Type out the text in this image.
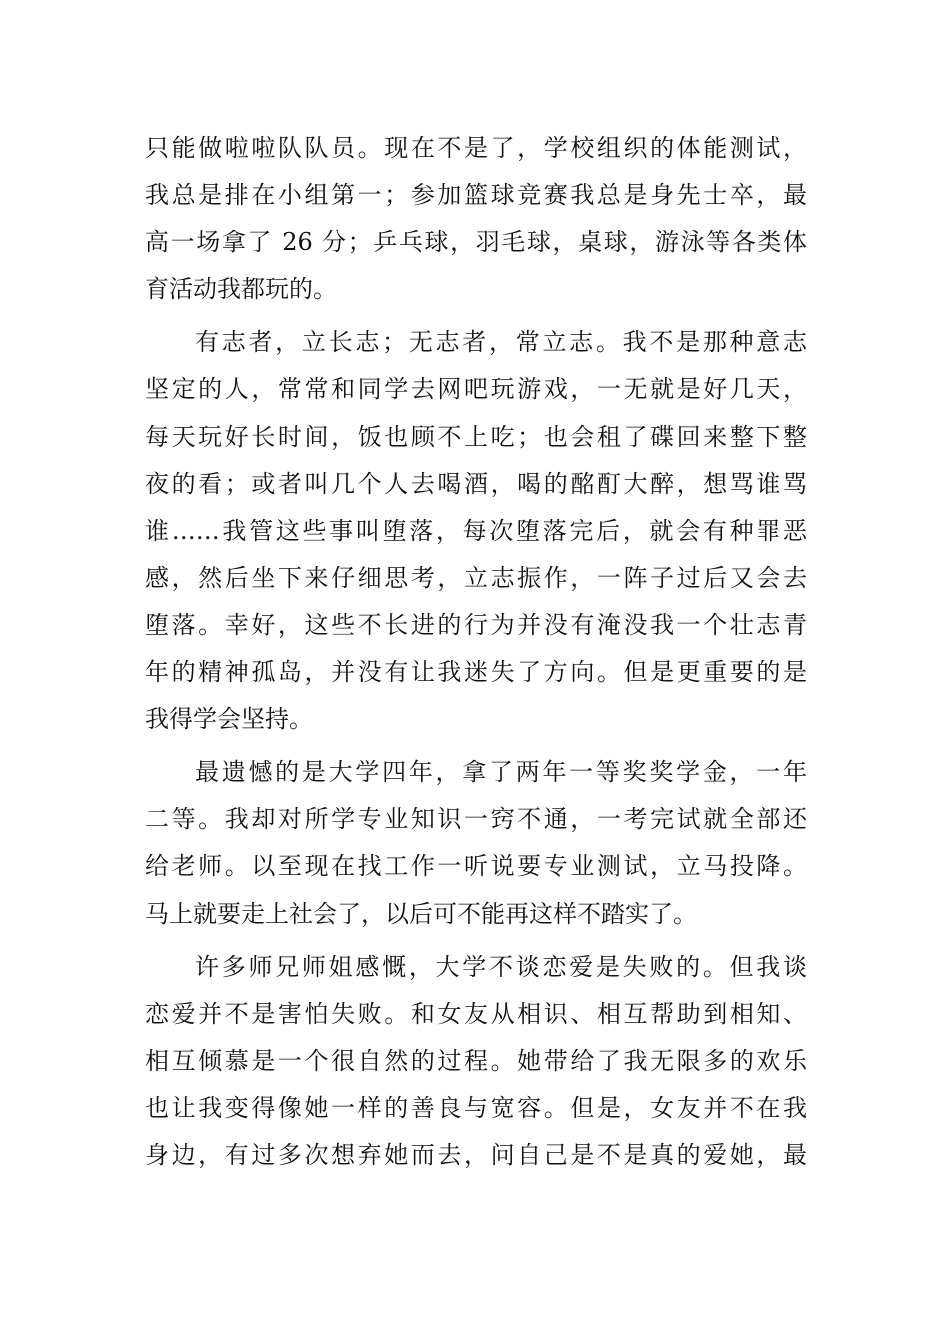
只能做啦啦队队员。现在不是了，学校组织的体能测试，
我总是排在小组第一；参加篮球竞赛我总是身先士卒，最
高一场拿了 26 分；乒乓球，羽毛球，桌球，游泳等各类体
育活动我都玩的。
有志者，立长志；无志者，常立志。我不是那种意志
坚定的人，常常和同学去网吧玩游戏，一无就是好几天，
每天玩好长时间，饭也顾不上吃；也会租了碟回来整下整
夜的看；或者叫几个人去喝酒，喝的酩酊大醉，想骂谁骂
谁……我管这些事叫堕落，每次堕落完后，就会有种罪恶
感，然后坐下来仔细思考，立志振作，一阵子过后又会去
堕落。幸好，这些不长进的行为并没有淹没我一个壮志青
年的精神孤岛，并没有让我迷失了方向。但是更重要的是
我得学会坚持。
最遗憾的是大学四年，拿了两年一等奖奖学金，一年
二等。我却对所学专业知识一窍不通，一考完试就全部还
给老师。以至现在找工作一听说要专业测试，立马投降。
马上就要走上社会了，以后可不能再这样不踏实了。
许多师兄师姐感慨，大学不谈恋爱是失败的。但我谈
恋爱并不是害怕失败。和女友从相识、相互帮助到相知、
相互倾慕是一个很自然的过程。她带给了我无限多的欢乐
也让我变得像她一样的善良与宽容。但是，女友并不在我
身边，有过多次想弃她而去，问自己是不是真的爱她，最
